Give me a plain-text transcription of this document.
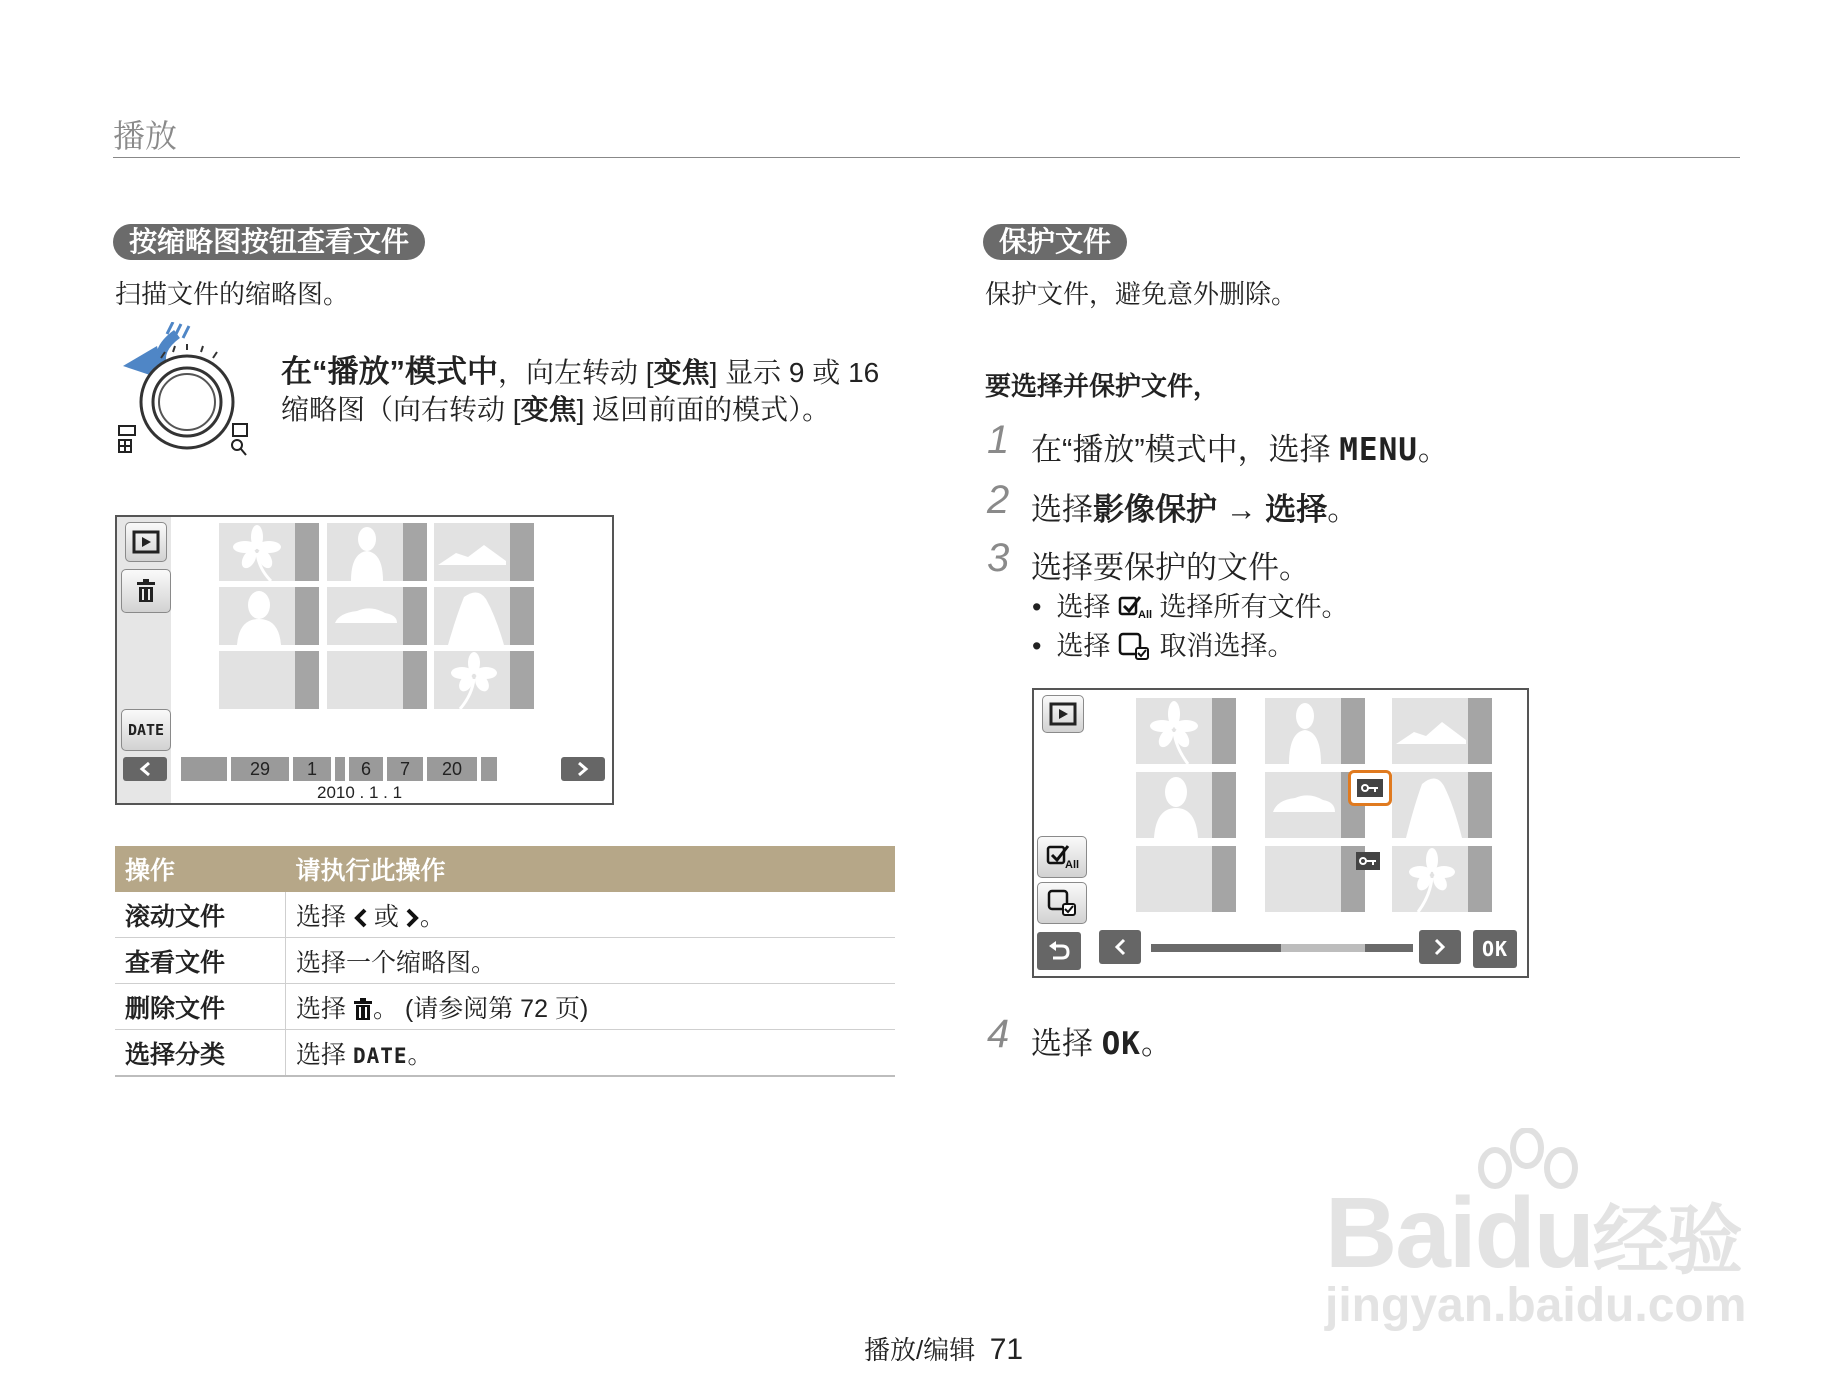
播放
按缩略图按钮查看文件
扫描文件的缩略图。
在“播放”模式中，向左转动 [变焦] 显示 9 或 16
缩略图（向右转动 [变焦] 返回前面的模式）。
DATE
29	1	6	7	20
2010 . 1 . 1
操作	请执行此操作
滚动文件	选择 或 。
查看文件	选择一个缩略图。
删除文件	选择 。 (请参阅第 72 页)
选择分类	选择 DATE。
保护文件
保护文件，避免意外删除。
要选择并保护文件，
1 在“播放”模式中，选择 MENU。
2 选择影像保护 → 选择。
3 选择要保护的文件。
•  选择	All 选择所有文件。
•  选择 取消选择。
All
OK
4 选择 OK。
播放/编辑 71
Baidu经验
jingyan.baidu.com
